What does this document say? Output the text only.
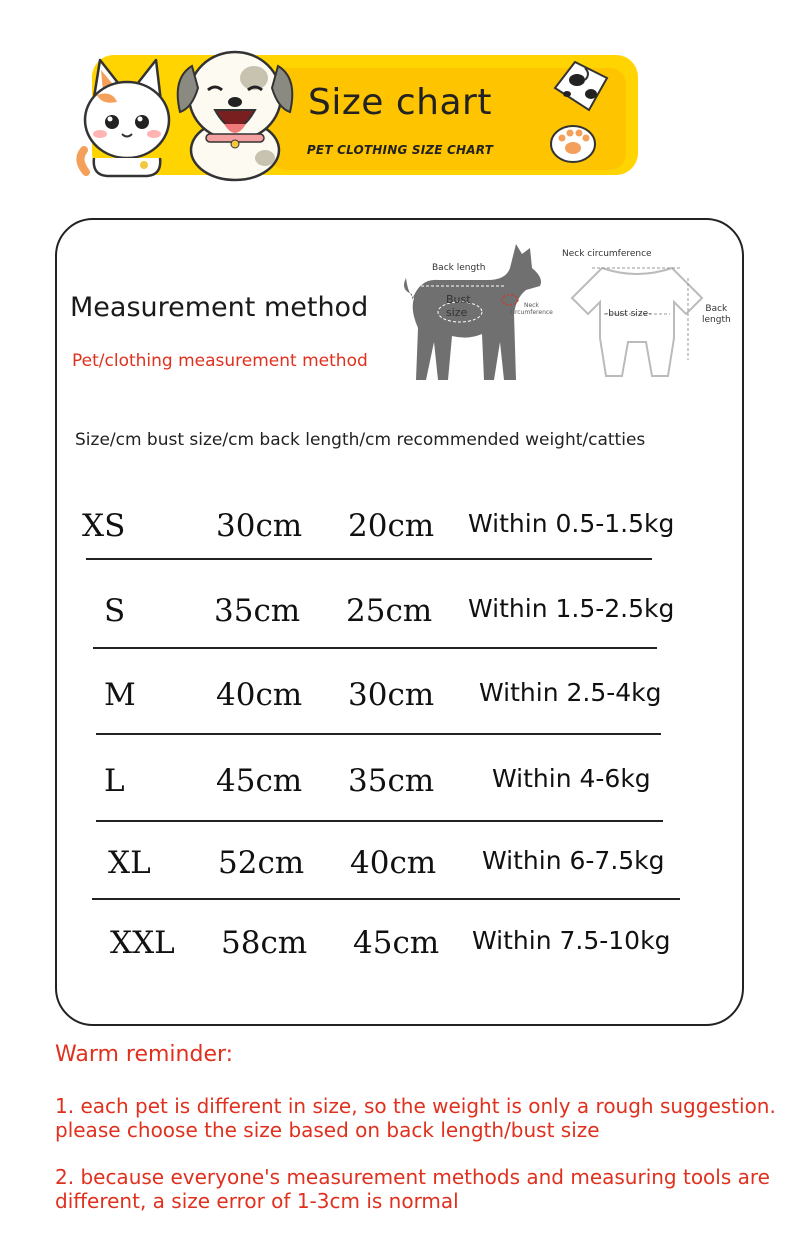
Size chart
PET CLOTHING SIZE CHART
Measurement method
Pet/clothing measurement method
Back length
Bust
size
Neck
circumference
Neck circumference
-bust size-	Back
length
Size/cm bust size/cm back length/cm recommended weight/catties
XS	30cm 20cm Within 0.5-1.5kg
S	35cm 25cm Within 1.5-2.5kg
M	40cm 30cm Within 2.5-4kg
L	45cm 35cm Within 4-6kg
XL 52cm 40cm Within 6-7.5kg
XXL 58cm 45cm Within 7.5-10kg
Warm reminder:
1. each pet is different in size, so the weight is only a rough suggestion. please choose the size based on back length/bust size
2. because everyone's measurement methods and measuring tools are different, a size error of 1-3cm is normal
